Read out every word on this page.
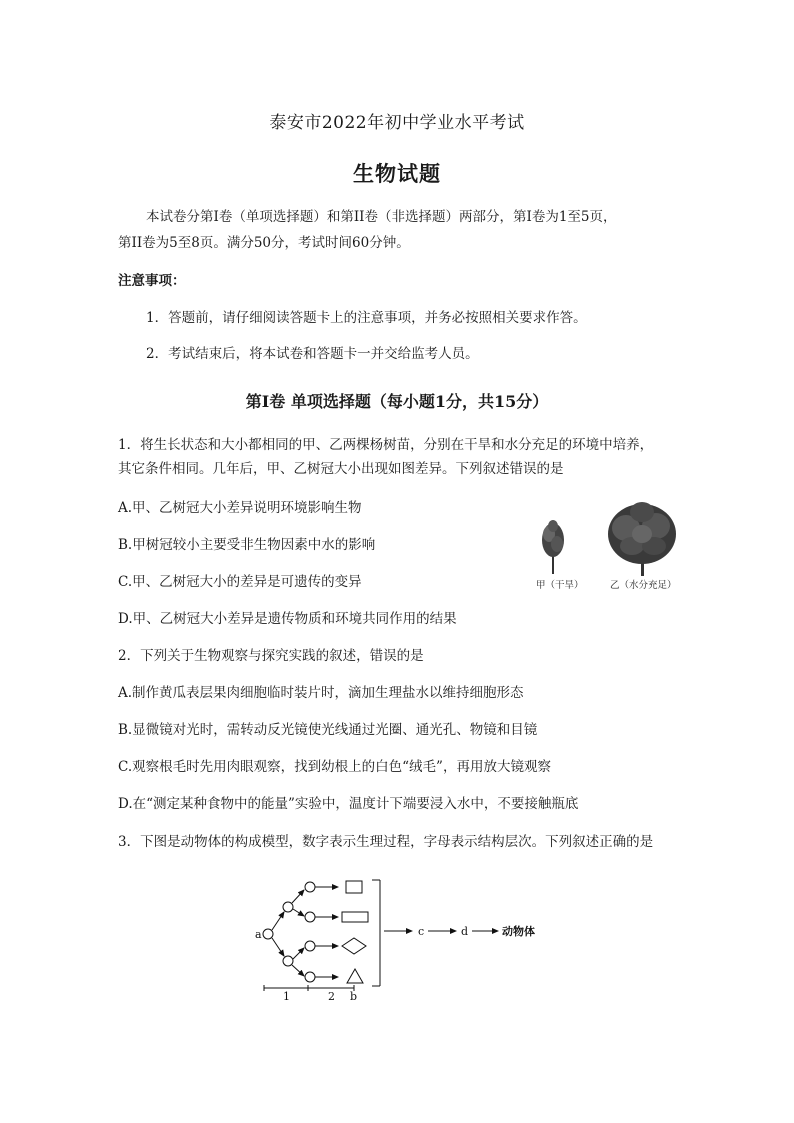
泰安市2022年初中学业水平考试
生物试题
本试卷分第Ⅰ卷（单项选择题）和第II卷（非选择题）两部分，第Ⅰ卷为1至5页，
第II卷为5至8页。满分50分，考试时间60分钟。
注意事项：
1．答题前，请仔细阅读答题卡上的注意事项，并务必按照相关要求作答。
2．考试结束后，将本试卷和答题卡一并交给监考人员。
第Ⅰ卷 单项选择题（每小题1分，共15分）
1．将生长状态和大小都相同的甲、乙两棵杨树苗，分别在干旱和水分充足的环境中培养，
其它条件相同。几年后，甲、乙树冠大小出现如图差异。下列叙述错误的是
A.甲、乙树冠大小差异说明环境影响生物
B.甲树冠较小主要受非生物因素中水的影响
C.甲、乙树冠大小的差异是可遗传的变异
D.甲、乙树冠大小差异是遗传物质和环境共同作用的结果
甲（干旱）	乙（水分充足）
2．下列关于生物观察与探究实践的叙述，错误的是
A.制作黄瓜表层果肉细胞临时装片时，滴加生理盐水以维持细胞形态
B.显微镜对光时，需转动反光镜使光线通过光圈、通光孔、物镜和目镜
C.观察根毛时先用肉眼观察，找到幼根上的白色“绒毛”，再用放大镜观察
D.在“测定某种食物中的能量”实验中，温度计下端要浸入水中，不要接触瓶底
3．下图是动物体的构成模型，数字表示生理过程，字母表示结构层次。下列叙述正确的是
a	c	d	动物体
1	2 b
